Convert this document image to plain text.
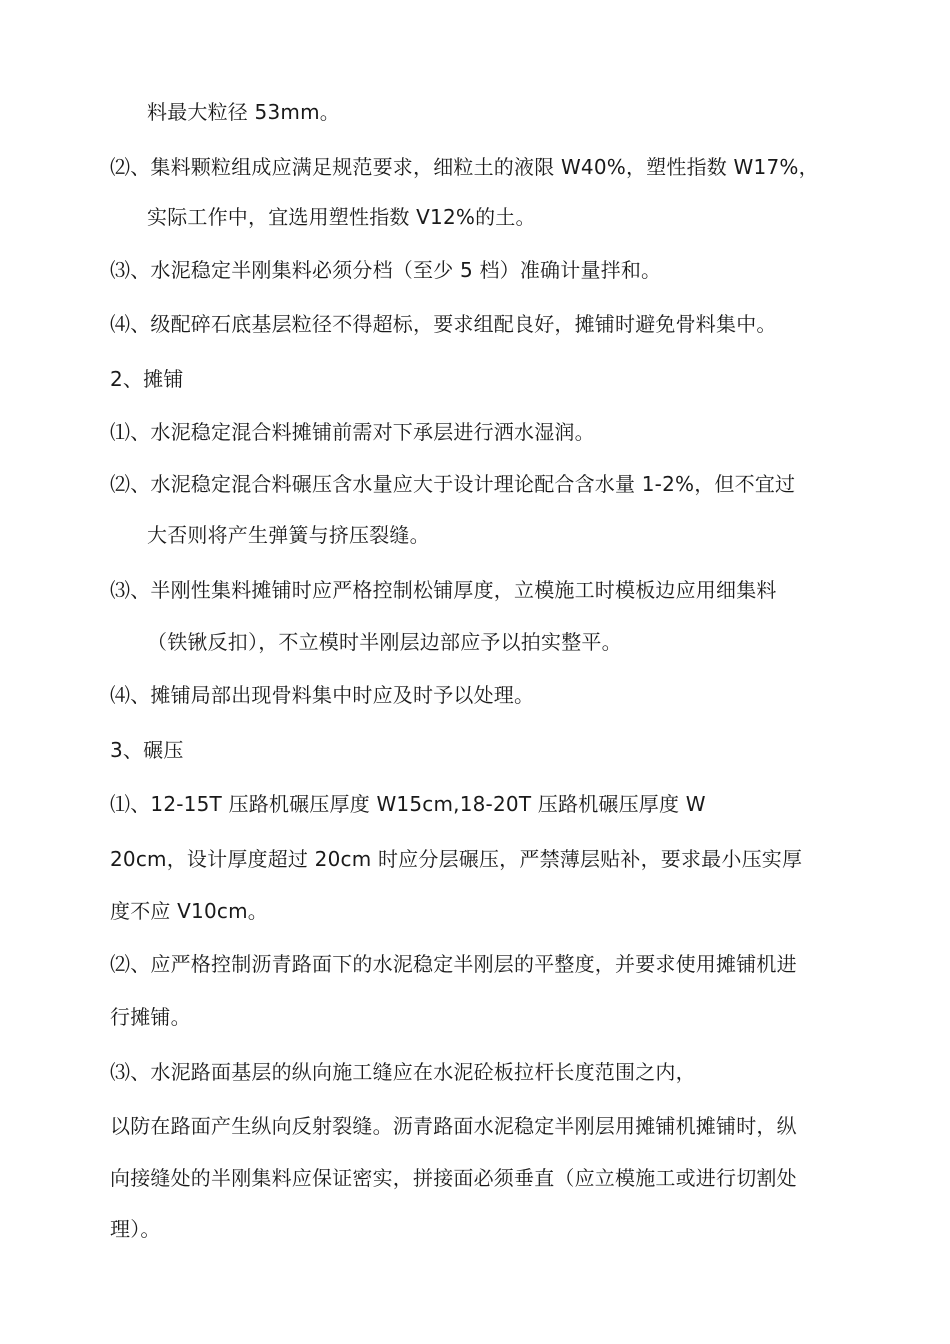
料最大粒径 53mm。
⑵、集料颗粒组成应满足规范要求，细粒土的液限 W40%，塑性指数 W17%，
实际工作中，宜选用塑性指数 V12%的土。
⑶、水泥稳定半刚集料必须分档（至少 5 档）准确计量拌和。
⑷、级配碎石底基层粒径不得超标，要求组配良好，摊铺时避免骨料集中。
2、摊铺
⑴、水泥稳定混合料摊铺前需对下承层进行洒水湿润。
⑵、水泥稳定混合料碾压含水量应大于设计理论配合含水量 1-2%，但不宜过
大否则将产生弹簧与挤压裂缝。
⑶、半刚性集料摊铺时应严格控制松铺厚度，立模施工时模板边应用细集料
（铁锹反扣），不立模时半刚层边部应予以拍实整平。
⑷、摊铺局部出现骨料集中时应及时予以处理。
3、碾压
⑴、12-15T 压路机碾压厚度 W15cm,18-20T 压路机碾压厚度 W
20cm，设计厚度超过 20cm 时应分层碾压，严禁薄层贴补，要求最小压实厚
度不应 V10cm。
⑵、应严格控制沥青路面下的水泥稳定半刚层的平整度，并要求使用摊铺机进
行摊铺。
⑶、水泥路面基层的纵向施工缝应在水泥砼板拉杆长度范围之内，
以防在路面产生纵向反射裂缝。沥青路面水泥稳定半刚层用摊铺机摊铺时，纵
向接缝处的半刚集料应保证密实，拼接面必须垂直（应立模施工或进行切割处
理）。
